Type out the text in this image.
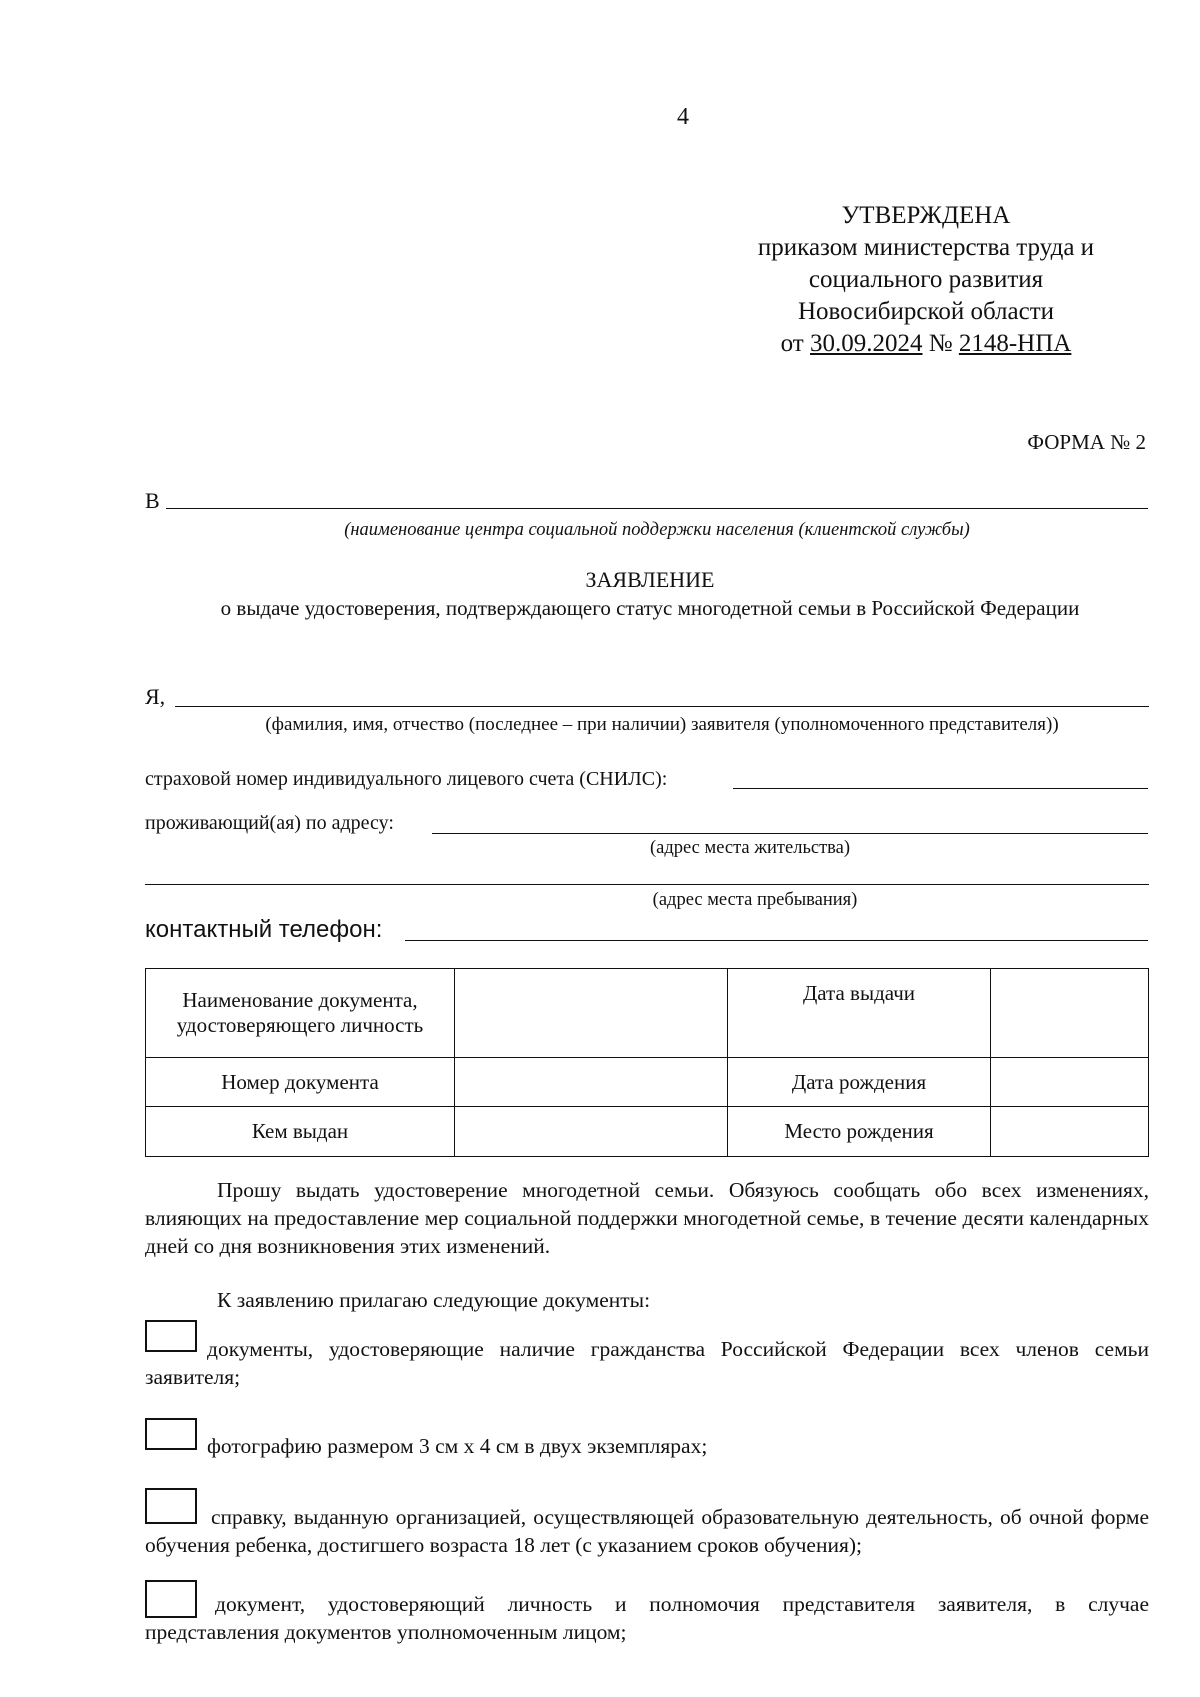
4
УТВЕРЖДЕНА
приказом министерства труда и
социального развития
Новосибирской области
от 30.09.2024 № 2148-НПА
ФОРМА № 2
В
(наименование центра социальной поддержки населения (клиентской службы)
ЗАЯВЛЕНИЕ
о выдаче удостоверения, подтверждающего статус многодетной семьи в Российской Федерации
Я,
(фамилия, имя, отчество (последнее – при наличии) заявителя (уполномоченного представителя))
страховой номер индивидуального лицевого счета (СНИЛС):
проживающий(ая) по адресу:
(адрес места жительства)
(адрес места пребывания)
контактный телефон:
Наименование документа, удостоверяющего личность		Дата выдачи	
Номер документа		Дата рождения	
Кем выдан		Место рождения	
Прошу выдать удостоверение многодетной семьи. Обязуюсь сообщать обо всех изменениях, влияющих на предоставление мер социальной поддержки многодетной семье, в течение десяти календарных дней со дня возникновения этих изменений.
К заявлению прилагаю следующие документы:
документы, удостоверяющие наличие гражданства Российской Федерации всех членов семьи заявителя;
фотографию размером 3 см х 4 см в двух экземплярах;
справку, выданную организацией, осуществляющей образовательную деятельность, об очной форме обучения ребенка, достигшего возраста 18 лет (с указанием сроков обучения);
документ, удостоверяющий личность и полномочия представителя заявителя, в случае представления документов уполномоченным лицом;
